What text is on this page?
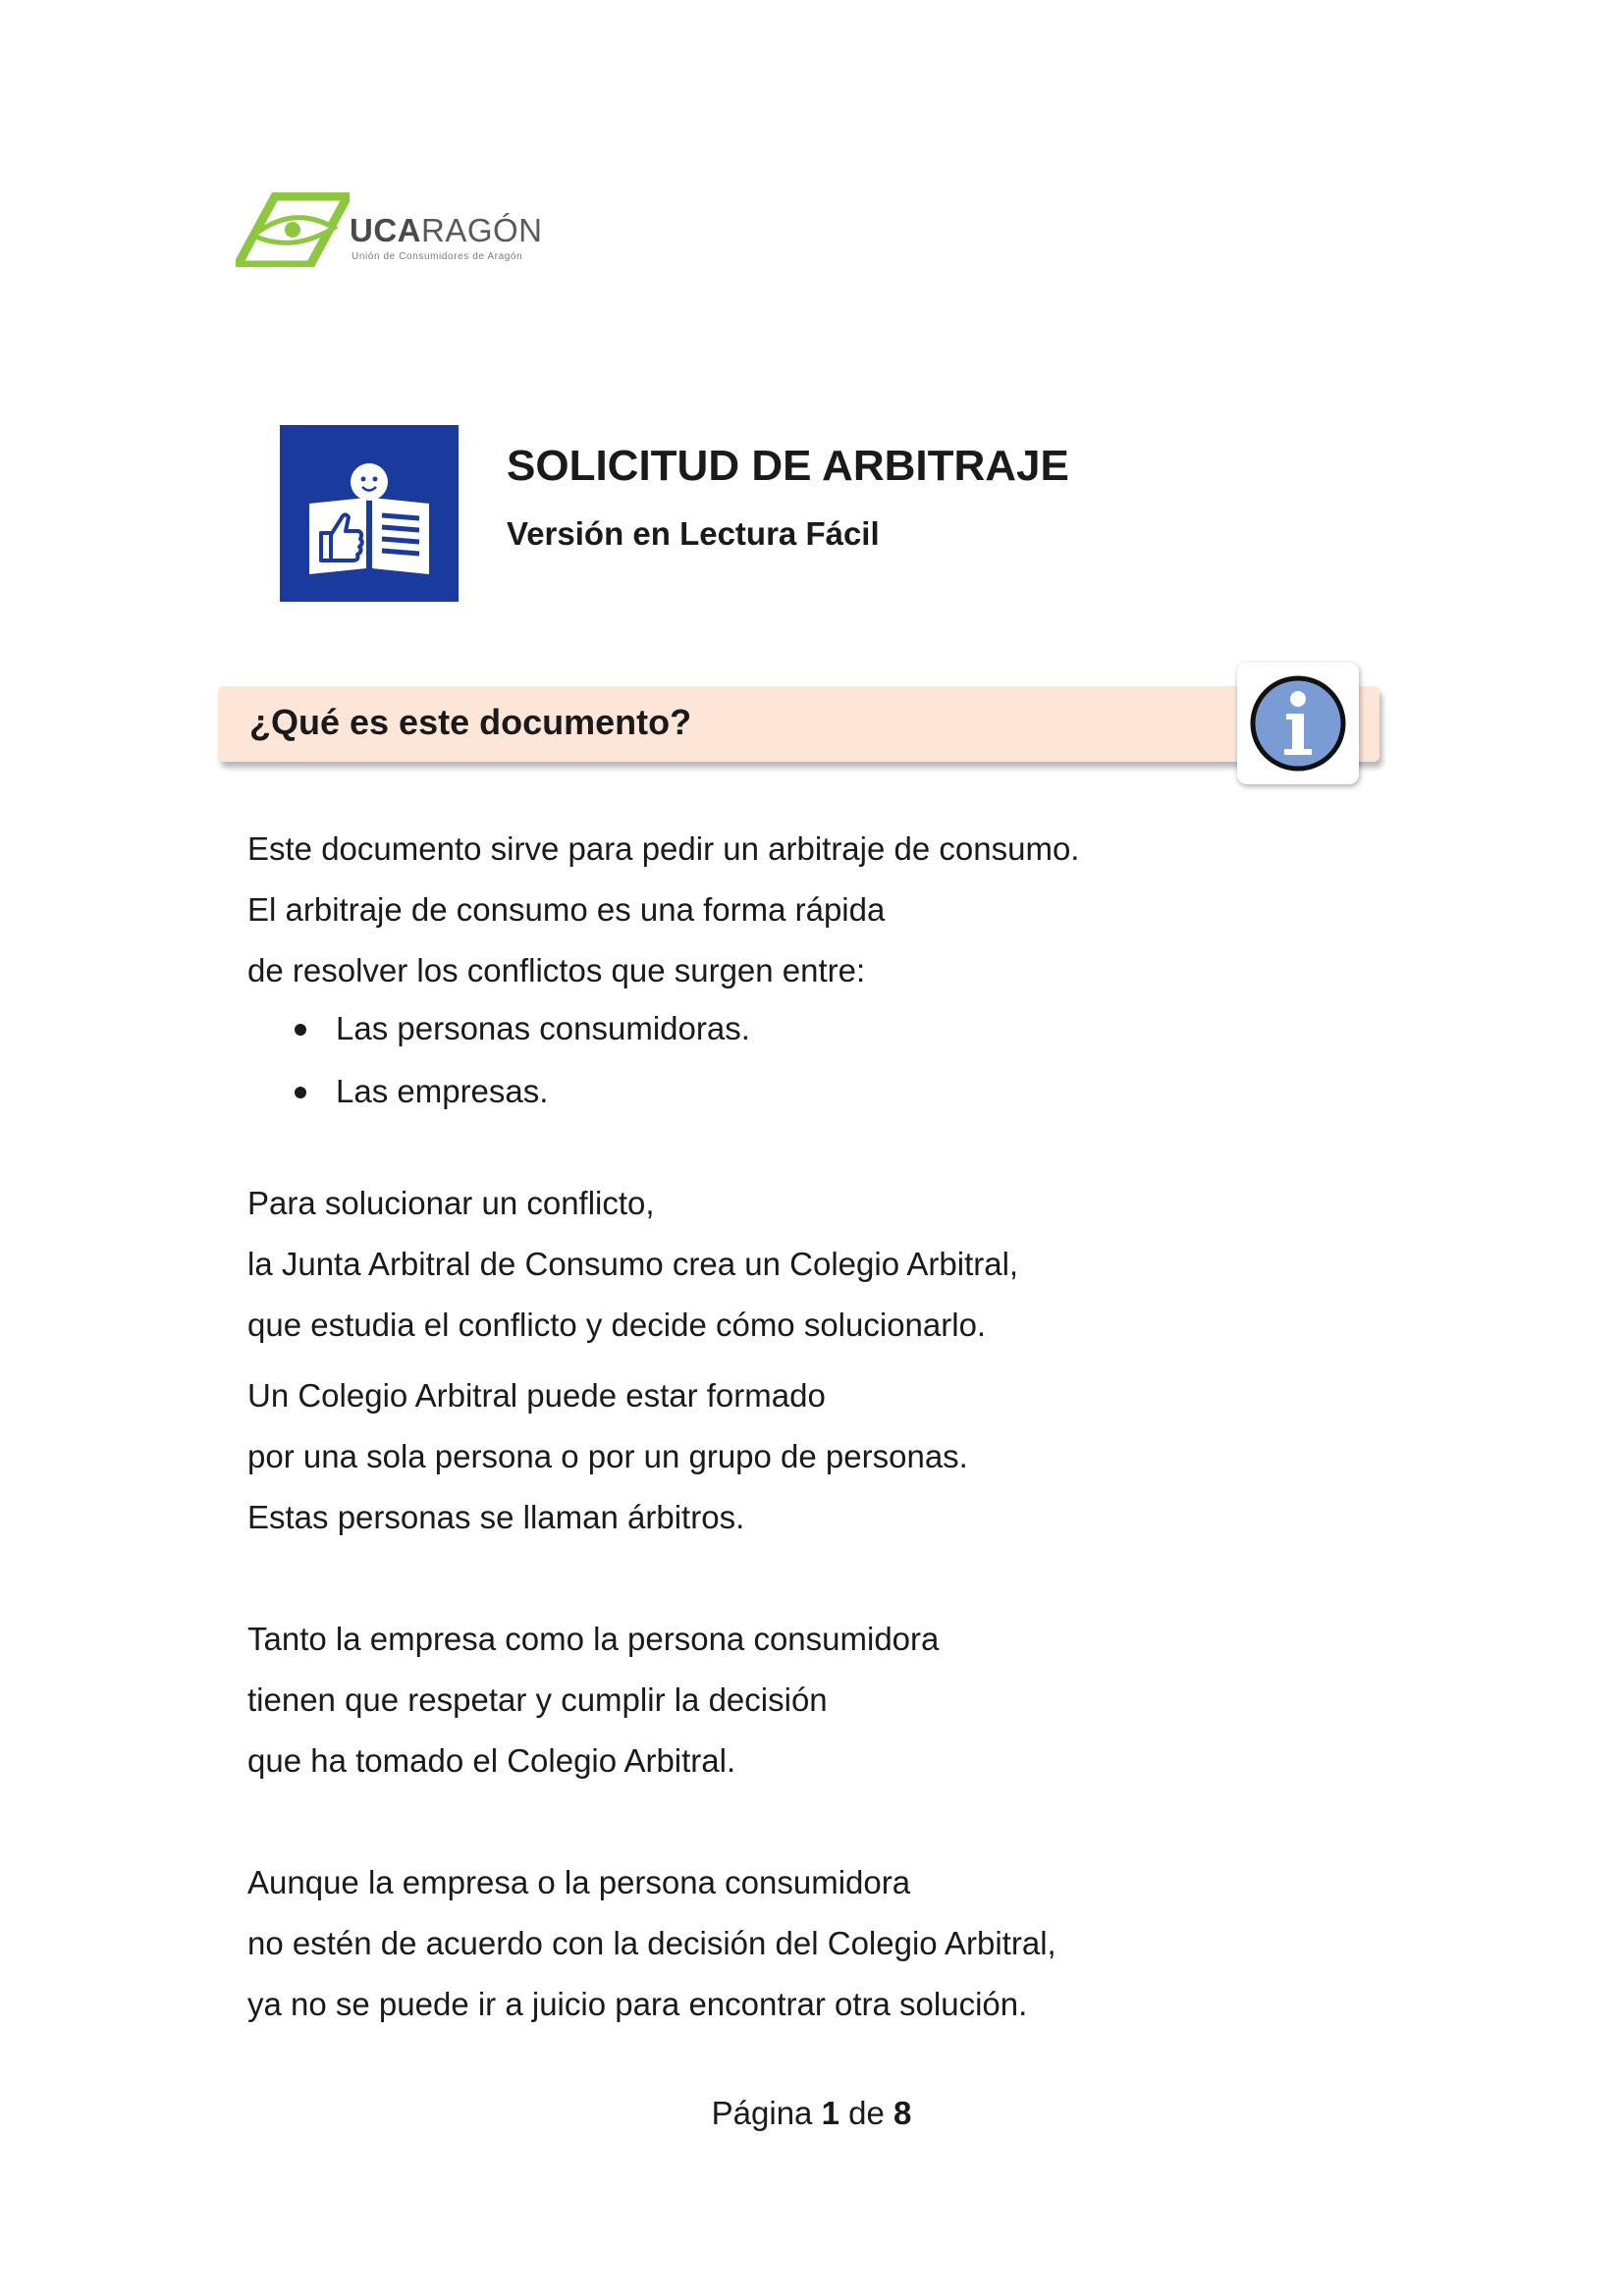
UCARAGÓN
Unión de Consumidores de Aragón
SOLICITUD DE ARBITRAJE
Versión en Lectura Fácil
¿Qué es este documento?
Este documento sirve para pedir un arbitraje de consumo.
El arbitraje de consumo es una forma rápida
de resolver los conflictos que surgen entre:
Las personas consumidoras.
Las empresas.
Para solucionar un conflicto,
la Junta Arbitral de Consumo crea un Colegio Arbitral,
que estudia el conflicto y decide cómo solucionarlo.
Un Colegio Arbitral puede estar formado
por una sola persona o por un grupo de personas.
Estas personas se llaman árbitros.
Tanto la empresa como la persona consumidora
tienen que respetar y cumplir la decisión
que ha tomado el Colegio Arbitral.
Aunque la empresa o la persona consumidora
no estén de acuerdo con la decisión del Colegio Arbitral,
ya no se puede ir a juicio para encontrar otra solución.
Página 1 de 8
